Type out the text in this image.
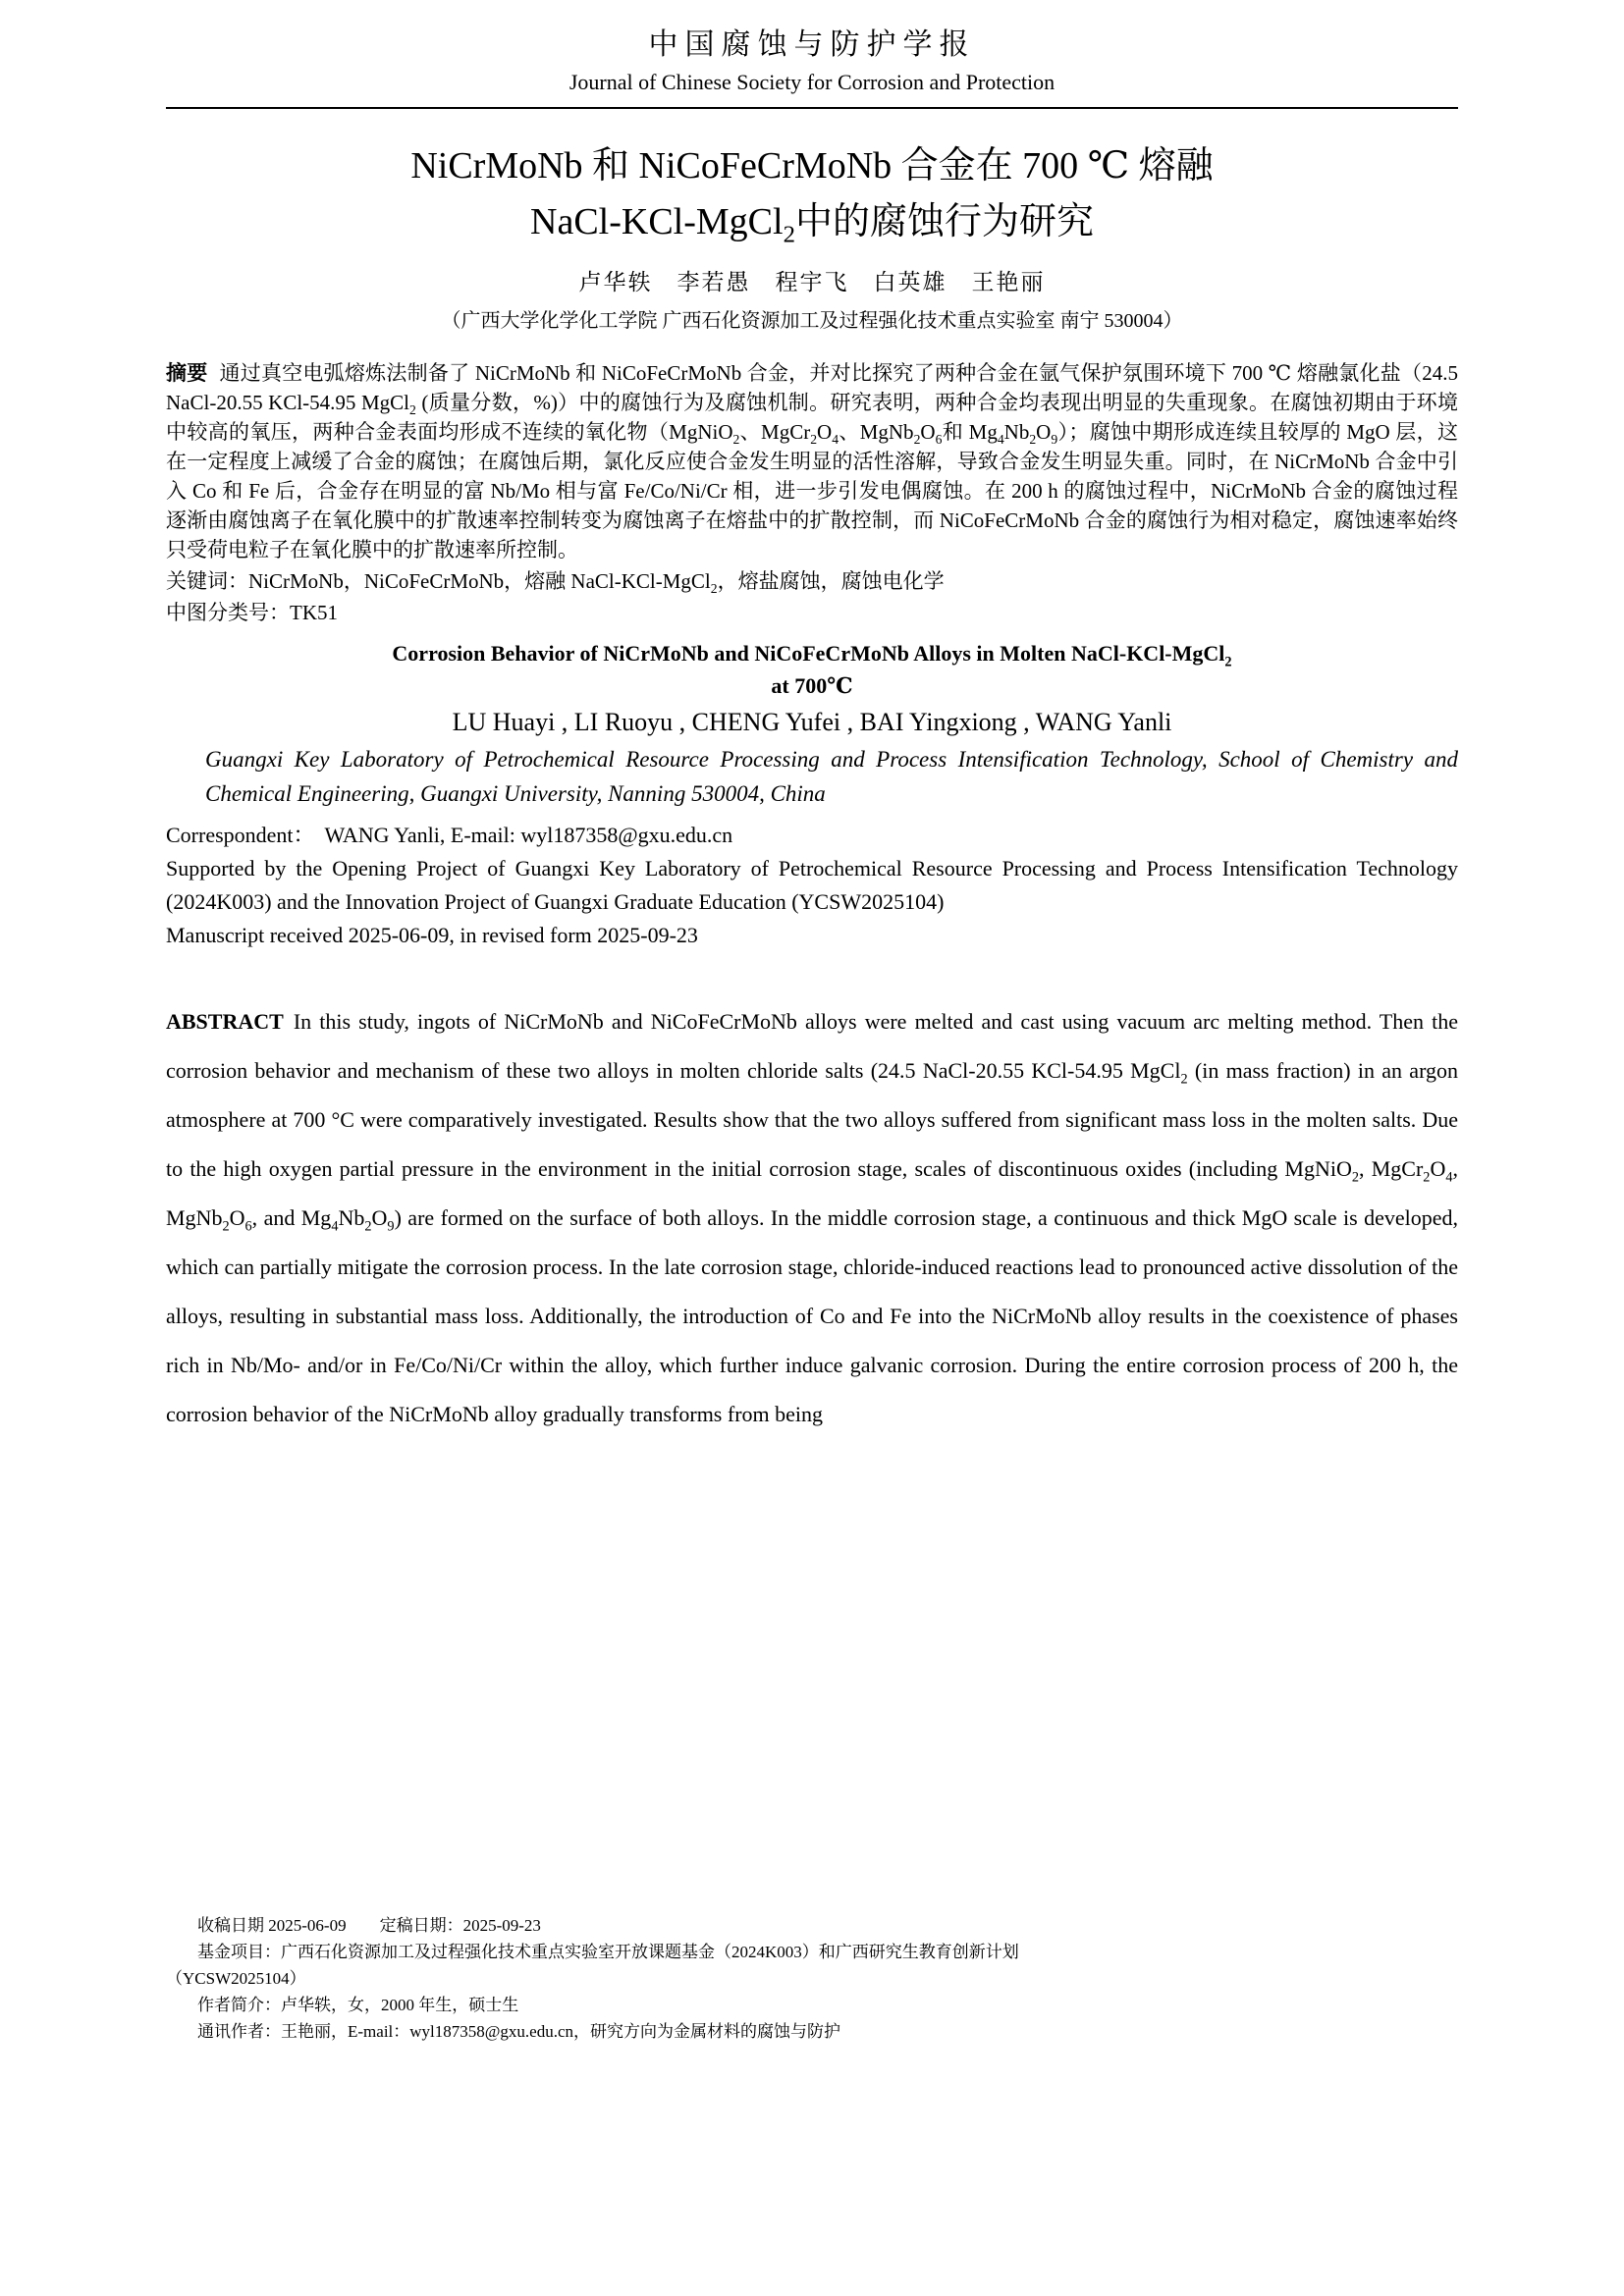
中国腐蚀与防护学报
Journal of Chinese Society for Corrosion and Protection
NiCrMoNb 和 NiCoFeCrMoNb 合金在 700 ℃ 熔融
NaCl-KCl-MgCl$_2$中的腐蚀行为研究
卢华轶　李若愚　程宇飞　白英雄　王艳丽
（广西大学化学化工学院 广西石化资源加工及过程强化技术重点实验室 南宁 530004）

摘要 通过真空电弧熔炼法制备了 NiCrMoNb 和 NiCoFeCrMoNb 合金，并对比探究了两种合金在氩气保护氛围环境下 700 ℃ 熔融氯化盐（24.5 NaCl-20.55 KCl-54.95 MgCl$_2$ (质量分数，%)）中的腐蚀行为及腐蚀机制。研究表明，两种合金均表现出明显的失重现象。在腐蚀初期由于环境中较高的氧压，两种合金表面均形成不连续的氧化物（MgNiO$_2$、$MgCr_2O_4$、$MgNb_2O_6$和 $Mg_4Nb_2O_9$）；腐蚀中期形成连续且较厚的 MgO 层，这在一定程度上减缓了合金的腐蚀；在腐蚀后期，氯化反应使合金发生明显的活性溶解，导致合金发生明显失重。同时，在 NiCrMoNb 合金中引入 Co 和 Fe 后，合金存在明显的富 Nb/Mo 相与富 Fe/Co/Ni/Cr 相，进一步引发电偶腐蚀。在 200 h 的腐蚀过程中，NiCrMoNb 合金的腐蚀过程逐渐由腐蚀离子在氧化膜中的扩散速率控制转变为腐蚀离子在熔盐中的扩散控制，而 NiCoFeCrMoNb 合金的腐蚀行为相对稳定，腐蚀速率始终只受荷电粒子在氧化膜中的扩散速率所控制。

关键词：NiCrMoNb，NiCoFeCrMoNb，熔融 NaCl-KCl-MgCl$_2$，熔盐腐蚀，腐蚀电化学

中图分类号：TK51

Corrosion Behavior of NiCrMoNb and NiCoFeCrMoNb Alloys in Molten NaCl-KCl-MgCl$_2$
at 700℃
LU Huayi , LI Ruoyu , CHENG Yufei , BAI Yingxiong , WANG Yanli

Guangxi Key Laboratory of Petrochemical Resource Processing and Process Intensification Technology, School of Chemistry and Chemical Engineering, Guangxi University, Nanning 530004, China

Correspondent： WANG Yanli, E-mail: wyl187358@gxu.edu.cn

Supported by the Opening Project of Guangxi Key Laboratory of Petrochemical Resource Processing and Process Intensification Technology (2024K003) and the Innovation Project of Guangxi Graduate Education (YCSW2025104)

Manuscript received 2025-06-09, in revised form 2025-09-23

ABSTRACT In this study, ingots of NiCrMoNb and NiCoFeCrMoNb alloys were melted and cast using vacuum arc melting method. Then the corrosion behavior and mechanism of these two alloys in molten chloride salts (24.5 NaCl-20.55 KCl-54.95 MgCl$_2$ (in mass fraction) in an argon atmosphere at 700 °C were comparatively investigated. Results show that the two alloys suffered from significant mass loss in the molten salts. Due to the high oxygen partial pressure in the environment in the initial corrosion stage, scales of discontinuous oxides (including MgNiO$_2$, $MgCr_2O_4$, $MgNb_2O_6$, and $Mg_4Nb_2O_9$) are formed on the surface of both alloys. In the middle corrosion stage, a continuous and thick MgO scale is developed, which can partially mitigate the corrosion process. In the late corrosion stage, chloride-induced reactions lead to pronounced active dissolution of the alloys, resulting in substantial mass loss. Additionally, the introduction of Co and Fe into the NiCrMoNb alloy results in the coexistence of phases rich in Nb/Mo- and/or in Fe/Co/Ni/Cr within the alloy, which further induce galvanic corrosion. During the entire corrosion process of 200 h, the corrosion behavior of the NiCrMoNb alloy gradually transforms from being

收稿日期 2025-06-09　　定稿日期：2025-09-23

基金项目：广西石化资源加工及过程强化技术重点实验室开放课题基金（2024K003）和广西研究生教育创新计划

（YCSW2025104）

作者简介：卢华轶，女，2000 年生，硕士生

通讯作者：王艳丽，E-mail：wyl187358@gxu.edu.cn，研究方向为金属材料的腐蚀与防护
